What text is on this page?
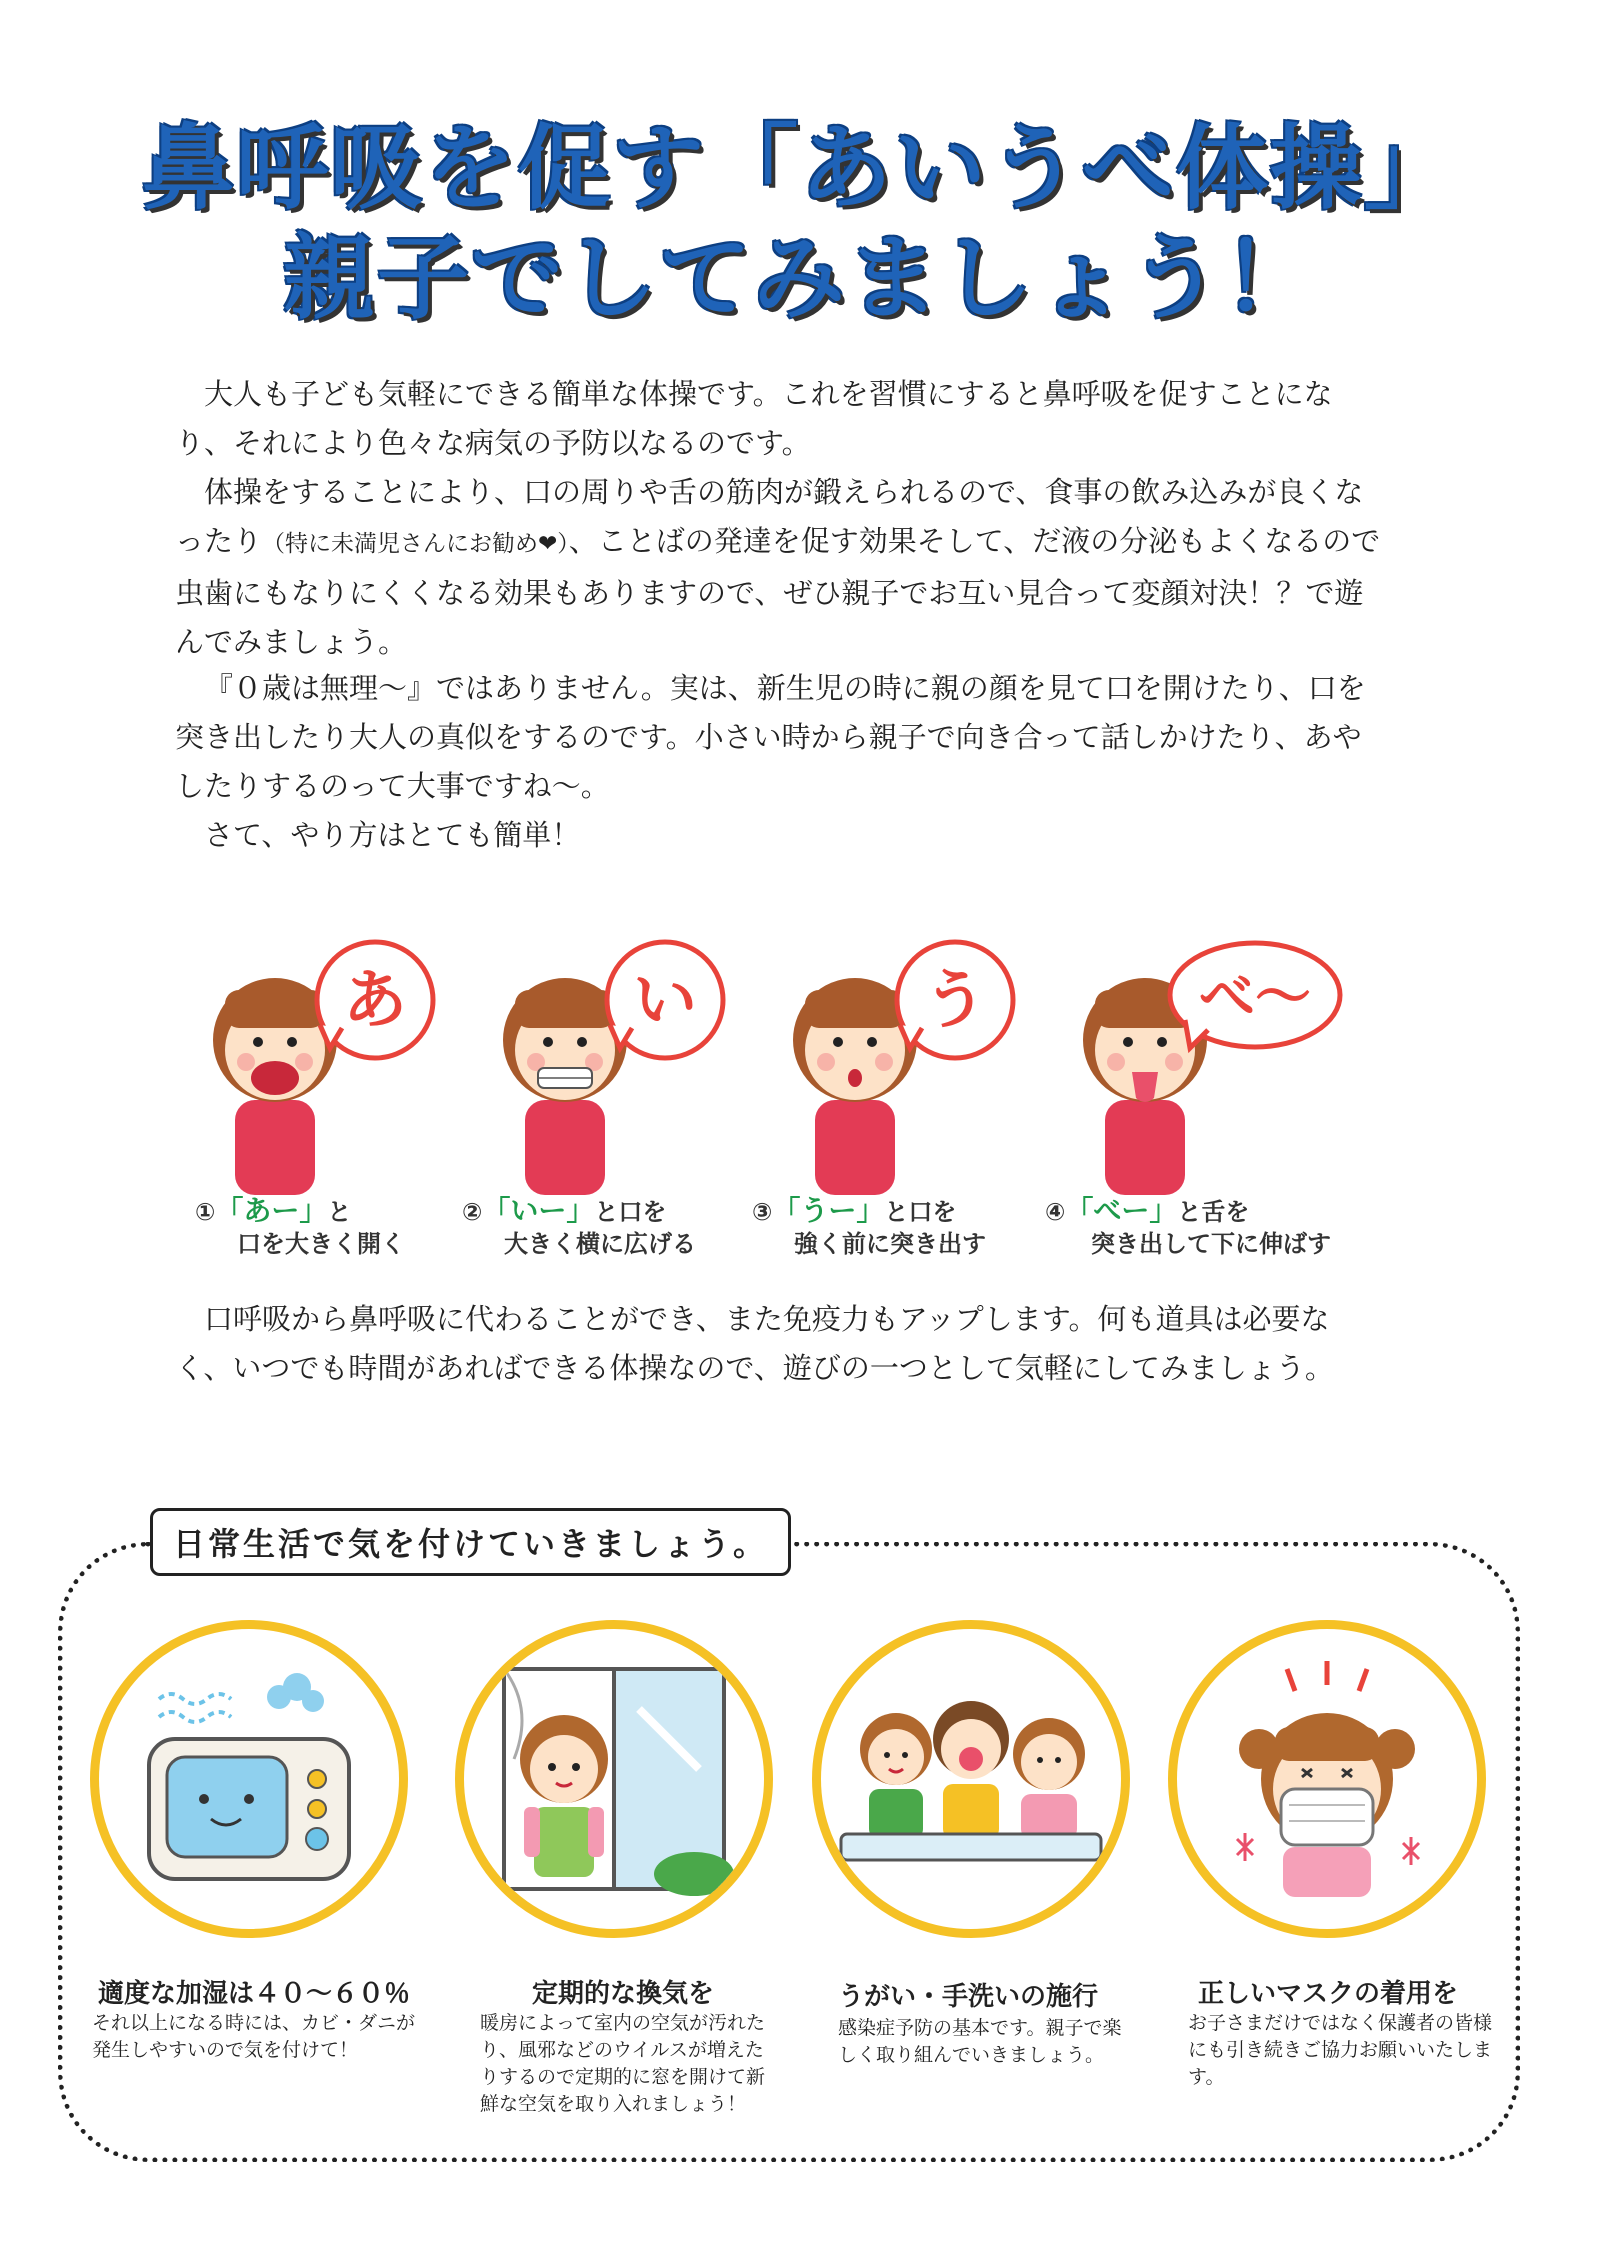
鼻呼吸を促す「あいうべ体操」
親子でしてみましょう！

大人も子ども気軽にできる簡単な体操です。これを習慣にすると鼻呼吸を促すことになり、それにより色々な病気の予防以なるのです。

体操をすることにより、口の周りや舌の筋肉が鍛えられるので、食事の飲み込みが良くなったり（特に未満児さんにお勧め❤）、ことばの発達を促す効果そして、だ液の分泌もよくなるので虫歯にもなりにくくなる効果もありますので、ぜひ親子でお互い見合って変顔対決！？で遊んでみましょう。

『０歳は無理～』ではありません。実は、新生児の時に親の顔を見て口を開けたり、口を突き出したり大人の真似をするのです。小さい時から親子で向き合って話しかけたり、あやしたりするのって大事ですね～。

さて、やり方はとても簡単！

あ	い	う	べ～
①「あー」と
口を大きく開く
②「いー」と口を
大きく横に広げる
③「うー」と口を
強く前に突き出す
④「べー」と舌を
突き出して下に伸ばす

口呼吸から鼻呼吸に代わることができ、また免疫力もアップします。何も道具は必要なく、いつでも時間があればできる体操なので、遊びの一つとして気軽にしてみましょう。

日常生活で気を付けていきましょう。
適度な加湿は４０～６０％
それ以上になる時には、カビ・ダニが発生しやすいので気を付けて！
定期的な換気を
暖房によって室内の空気が汚れたり、風邪などのウイルスが増えたりするので定期的に窓を開けて新鮮な空気を取り入れましょう！
うがい・手洗いの施行
感染症予防の基本です。親子で楽しく取り組んでいきましょう。
正しいマスクの着用を
お子さまだけではなく保護者の皆様にも引き続きご協力お願いいたします。
